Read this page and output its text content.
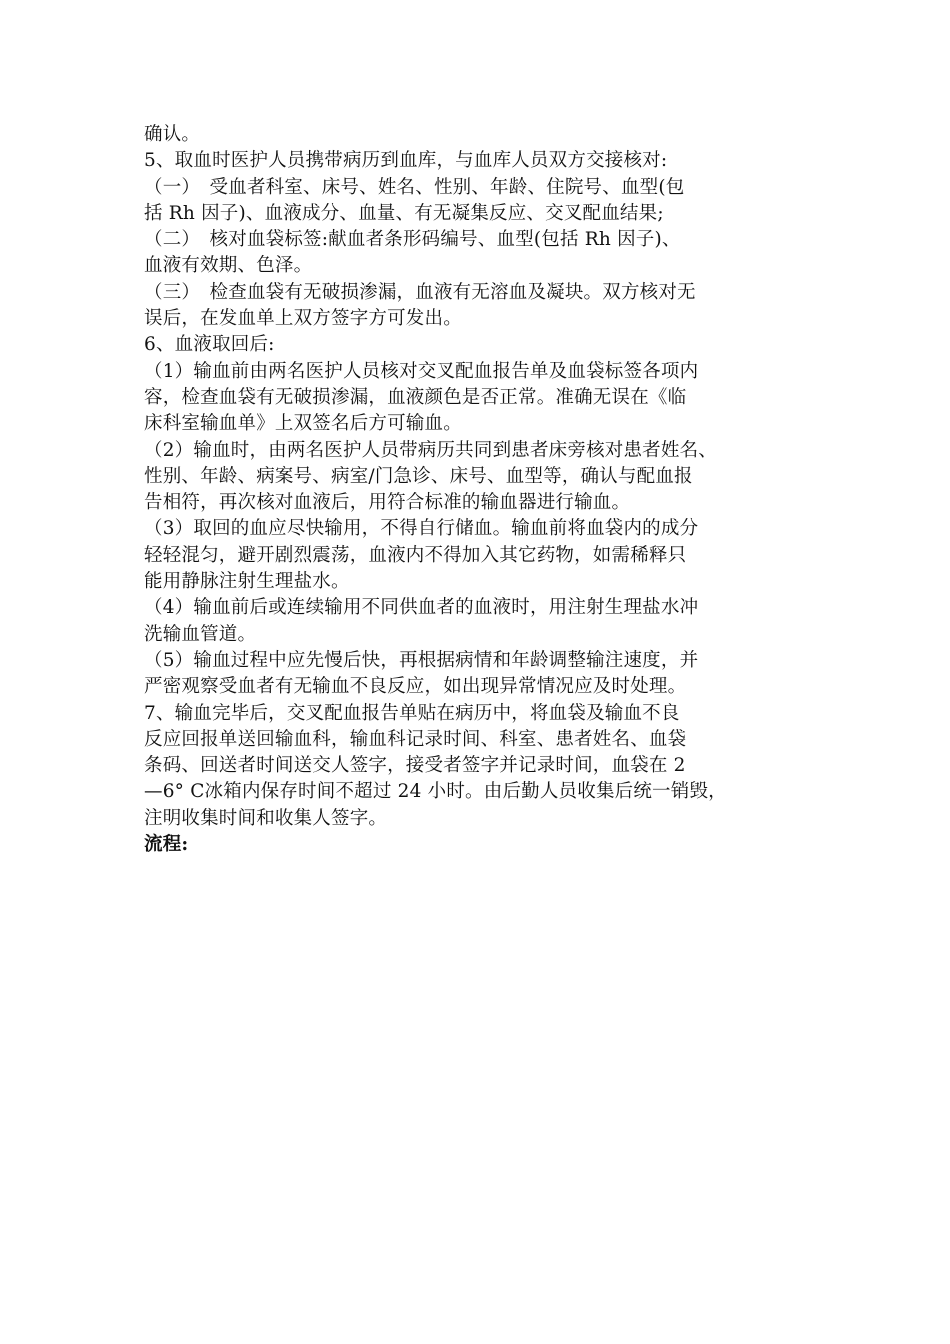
确认。
5、取血时医护人员携带病历到血库，与血库人员双方交接核对:
（一）　受血者科室、床号、姓名、性别、年龄、住院号、血型(包
括 Rh 因子)、血液成分、血量、有无凝集反应、交叉配血结果;
（二）　核对血袋标签:献血者条形码编号、血型(包括 Rh 因子)、
血液有效期、色泽。
（三）　检查血袋有无破损渗漏，血液有无溶血及凝块。双方核对无
误后，在发血单上双方签字方可发出。
6、血液取回后:
（1）输血前由两名医护人员核对交叉配血报告单及血袋标签各项内
容，检查血袋有无破损渗漏，血液颜色是否正常。准确无误在《临
床科室输血单》上双签名后方可输血。
（2）输血时，由两名医护人员带病历共同到患者床旁核对患者姓名、
性别、年龄、病案号、病室/门急诊、床号、血型等，确认与配血报
告相符，再次核对血液后，用符合标准的输血器进行输血。
（3）取回的血应尽快输用，不得自行储血。输血前将血袋内的成分
轻轻混匀，避开剧烈震荡，血液内不得加入其它药物，如需稀释只
能用静脉注射生理盐水。
（4）输血前后或连续输用不同供血者的血液时，用注射生理盐水冲
洗输血管道。
（5）输血过程中应先慢后快，再根据病情和年龄调整输注速度，并
严密观察受血者有无输血不良反应，如出现异常情况应及时处理。
7、输血完毕后，交叉配血报告单贴在病历中，将血袋及输血不良
反应回报单送回输血科，输血科记录时间、科室、患者姓名、血袋
条码、回送者时间送交人签字，接受者签字并记录时间，血袋在 2
—6° C冰箱内保存时间不超过 24 小时。由后勤人员收集后统一销毁，
注明收集时间和收集人签字。
流程:
